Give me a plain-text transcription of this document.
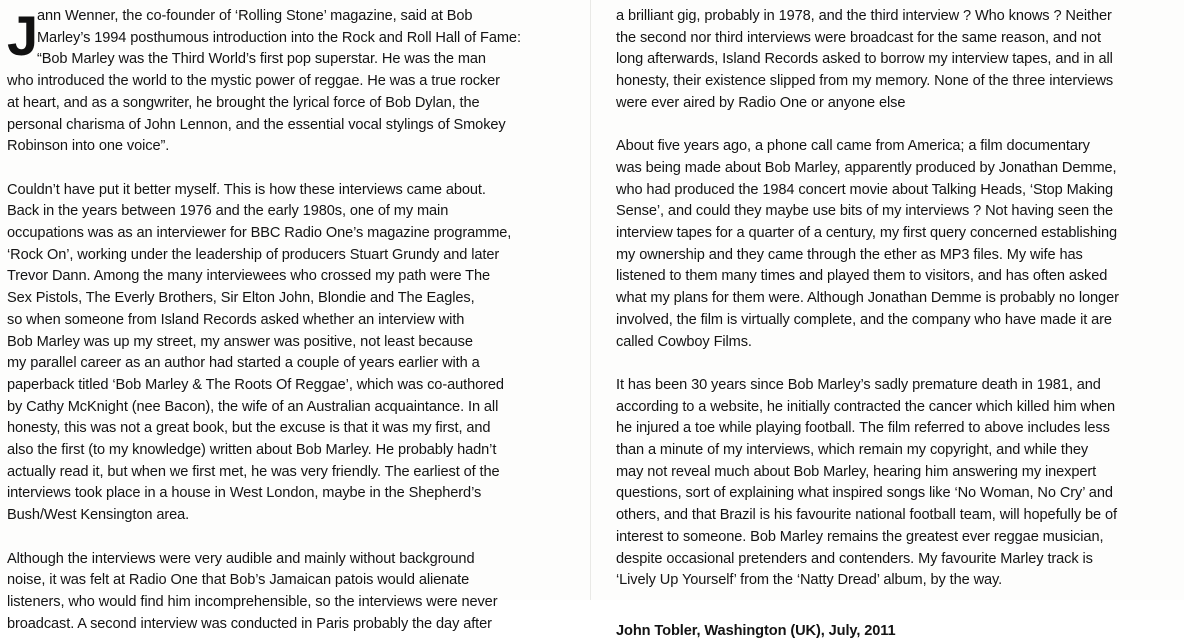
J

ann Wenner, the co-founder of ‘Rolling Stone’ magazine, said at Bob

Marley’s 1994 posthumous introduction into the Rock and Roll Hall of Fame:

“Bob Marley was the Third World’s first pop superstar. He was the man

who introduced the world to the mystic power of reggae. He was a true rocker

at heart, and as a songwriter, he brought the lyrical force of Bob Dylan, the

personal charisma of John Lennon, and the essential vocal stylings of Smokey

Robinson into one voice”.

Couldn’t have put it better myself. This is how these interviews came about.

Back in the years between 1976 and the early 1980s, one of my main

occupations was as an interviewer for BBC Radio One’s magazine programme,

‘Rock On’, working under the leadership of producers Stuart Grundy and later

Trevor Dann. Among the many interviewees who crossed my path were The

Sex Pistols, The Everly Brothers, Sir Elton John, Blondie and The Eagles,

so when someone from Island Records asked whether an interview with

Bob Marley was up my street, my answer was positive, not least because

my parallel career as an author had started a couple of years earlier with a

paperback titled ‘Bob Marley & The Roots Of Reggae’, which was co-authored

by Cathy McKnight (nee Bacon), the wife of an Australian acquaintance. In all

honesty, this was not a great book, but the excuse is that it was my first, and

also the first (to my knowledge) written about Bob Marley. He probably hadn’t

actually read it, but when we first met, he was very friendly. The earliest of the

interviews took place in a house in West London, maybe in the Shepherd’s

Bush/West Kensington area.

Although the interviews were very audible and mainly without background

noise, it was felt at Radio One that Bob’s Jamaican patois would alienate

listeners, who would find him incomprehensible, so the interviews were never

broadcast. A second interview was conducted in Paris probably the day after

a brilliant gig, probably in 1978, and the third interview ? Who knows ? Neither

the second nor third interviews were broadcast for the same reason, and not

long afterwards, Island Records asked to borrow my interview tapes, and in all

honesty, their existence slipped from my memory. None of the three interviews

were ever aired by Radio One or anyone else

About five years ago, a phone call came from America; a film documentary

was being made about Bob Marley, apparently produced by Jonathan Demme,

who had produced the 1984 concert movie about Talking Heads, ‘Stop Making

Sense’, and could they maybe use bits of my interviews ? Not having seen the

interview tapes for a quarter of a century, my first query concerned establishing

my ownership and they came through the ether as MP3 files. My wife has

listened to them many times and played them to visitors, and has often asked

what my plans for them were. Although Jonathan Demme is probably no longer

involved, the film is virtually complete, and the company who have made it are

called Cowboy Films.

It has been 30 years since Bob Marley’s sadly premature death in 1981, and

according to a website, he initially contracted the cancer which killed him when

he injured a toe while playing football. The film referred to above includes less

than a minute of my interviews, which remain my copyright, and while they

may not reveal much about Bob Marley, hearing him answering my inexpert

questions, sort of explaining what inspired songs like ‘No Woman, No Cry’ and

others, and that Brazil is his favourite national football team, will hopefully be of

interest to someone. Bob Marley remains the greatest ever reggae musician,

despite occasional pretenders and contenders. My favourite Marley track is

‘Lively Up Yourself’ from the ‘Natty Dread’ album, by the way.

John Tobler, Washington (UK), July, 2011
